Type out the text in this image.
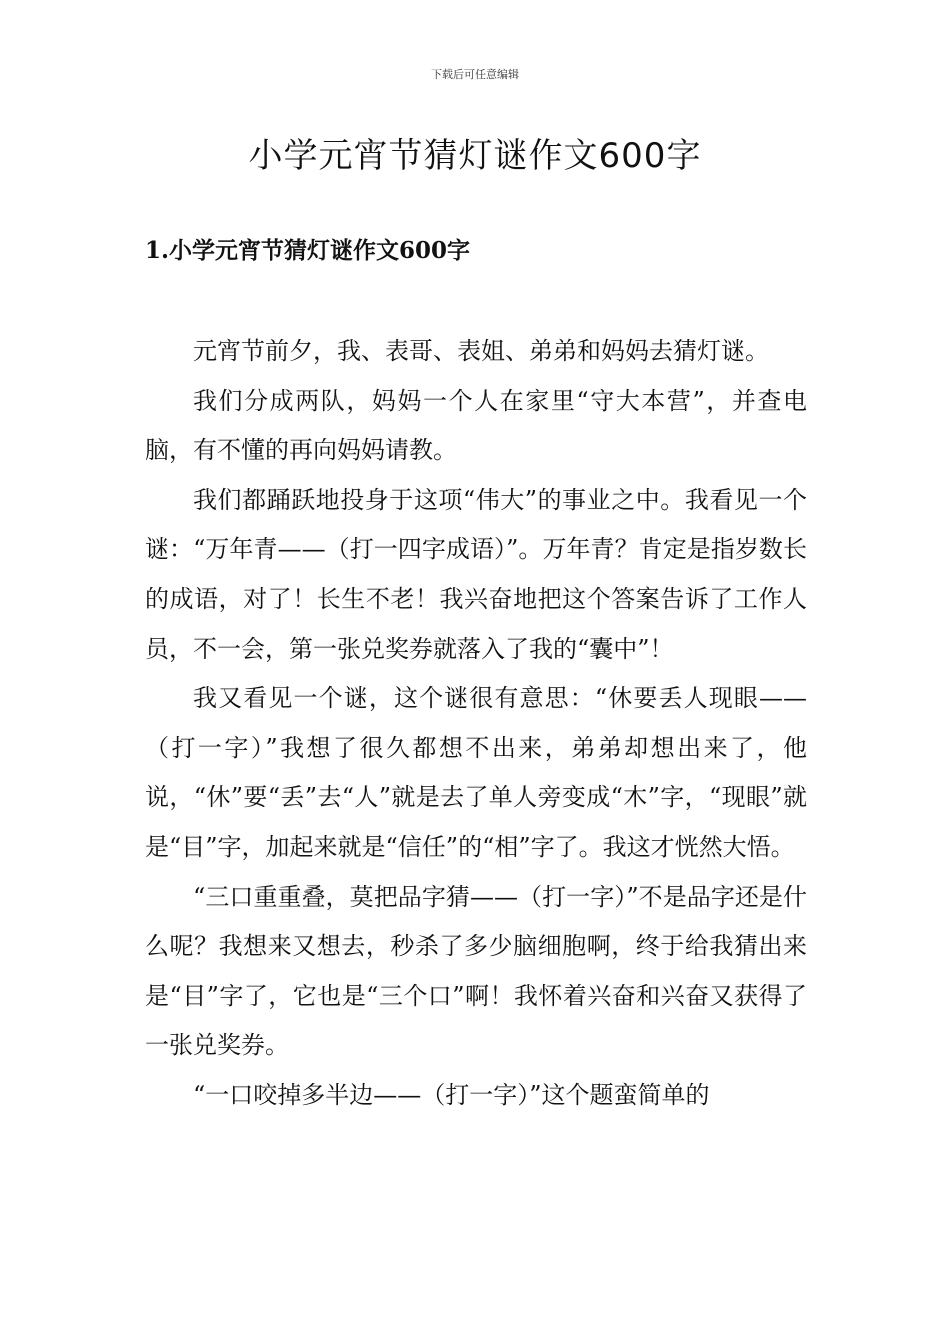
下载后可任意编辑
小学元宵节猜灯谜作文600字
1.小学元宵节猜灯谜作文600字

元宵节前夕，我、表哥、表姐、弟弟和妈妈去猜灯谜。

我们分成两队，妈妈一个人在家里“守大本营”，并查电脑，有不懂的再向妈妈请教。

我们都踊跃地投身于这项“伟大”的事业之中。我看见一个谜：“万年青——（打一四字成语）”。万年青？肯定是指岁数长的成语，对了！长生不老！我兴奋地把这个答案告诉了工作人员，不一会，第一张兑奖券就落入了我的“囊中”！

我又看见一个谜，这个谜很有意思：“休要丢人现眼——（打一字）”我想了很久都想不出来，弟弟却想出来了，他说，“休”要“丢”去“人”就是去了单人旁变成“木”字，“现眼”就是“目”字，加起来就是“信任”的“相”字了。我这才恍然大悟。

“三口重重叠，莫把品字猜——（打一字）”不是品字还是什么呢？我想来又想去，秒杀了多少脑细胞啊，终于给我猜出来是“目”字了，它也是“三个口”啊！我怀着兴奋和兴奋又获得了一张兑奖券。

“一口咬掉多半边——（打一字）”这个题蛮简单的
